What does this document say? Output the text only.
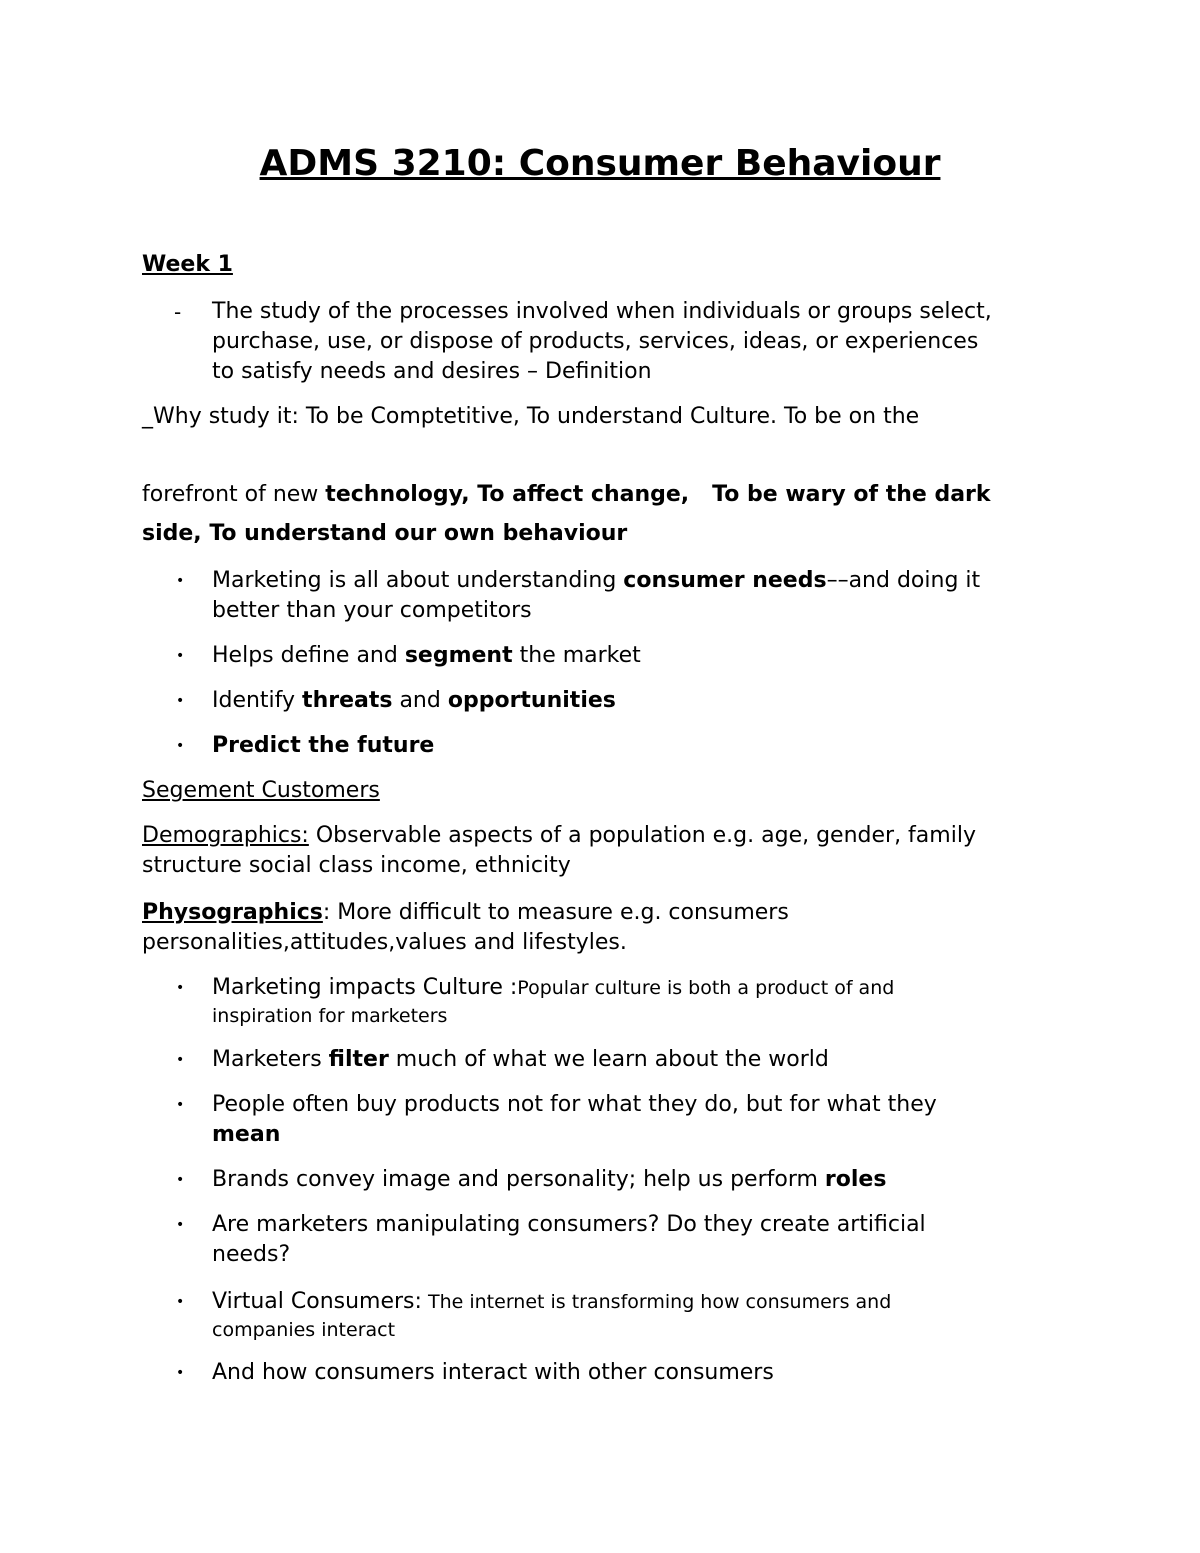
ADMS 3210: Consumer Behaviour
Week 1
- The study of the processes involved when individuals or groups select,
purchase, use, or dispose of products, services, ideas, or experiences
to satisfy needs and desires – Definition
_Why study it: To be Comptetitive, To understand Culture. To be on the
forefront of new technology, To affect change,   To be wary of the dark
side, To understand our own behaviour
• Marketing is all about understanding consumer needs––and doing it
better than your competitors
• Helps define and segment the market
• Identify threats and opportunities
• Predict the future
Segement Customers
Demographics: Observable aspects of a population e.g. age, gender, family
structure social class income, ethnicity
Physographics: More difficult to measure e.g. consumers
personalities,attitudes,values and lifestyles.
• Marketing impacts Culture :Popular culture is both a product of and
inspiration for marketers
• Marketers filter much of what we learn about the world
• People often buy products not for what they do, but for what they
mean
• Brands convey image and personality; help us perform roles
• Are marketers manipulating consumers? Do they create artificial
needs?
• Virtual Consumers: The internet is transforming how consumers and
companies interact
• And how consumers interact with other consumers
